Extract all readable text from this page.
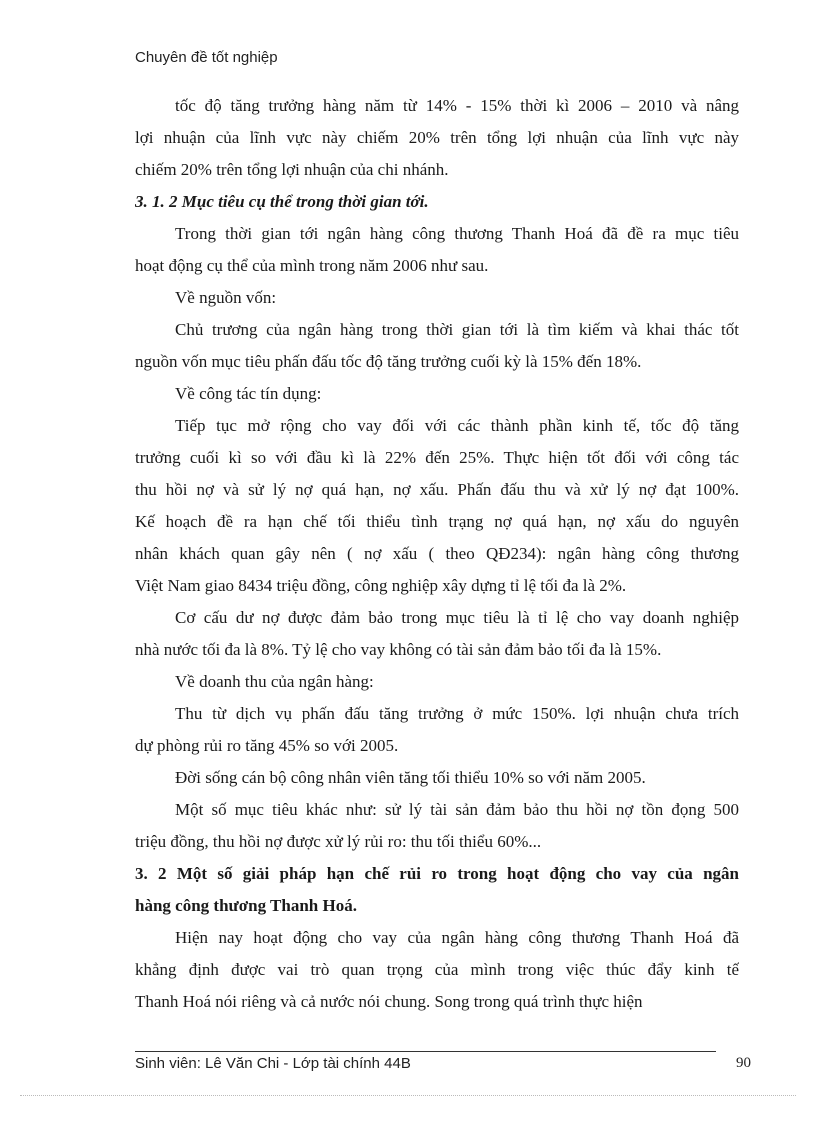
Chuyên đề tốt nghiệp
tốc độ tăng trưởng hàng năm từ 14% - 15% thời kì 2006 – 2010 và nâng
lợi nhuận của lĩnh vực này chiếm 20% trên tổng lợi nhuận của lĩnh vực này
chiếm 20% trên tổng lợi nhuận của chi nhánh.
3. 1. 2 Mục tiêu cụ thể trong thời gian tới.
Trong thời gian tới ngân hàng công thương Thanh Hoá đã đề ra mục tiêu
hoạt động cụ thể của mình trong năm 2006 như sau.
Về nguồn vốn:
Chủ trương của ngân hàng trong thời gian tới là tìm kiếm và khai thác tốt
nguồn vốn mục tiêu phấn đấu tốc độ tăng trưởng cuối kỳ là 15% đến 18%.
Về công tác tín dụng:
Tiếp tục mở rộng cho vay đối với các thành phần kinh tế, tốc độ tăng
trưởng cuối kì so với đầu kì là 22% đến 25%. Thực hiện tốt đối với công tác
thu hồi nợ và sử lý nợ quá hạn, nợ xấu. Phấn đấu thu và xử lý nợ đạt 100%.
Kế hoạch đề ra hạn chế tối thiểu tình trạng nợ quá hạn, nợ xấu do nguyên
nhân khách quan gây nên ( nợ xấu ( theo QĐ234): ngân hàng công thương
Việt Nam giao 8434 triệu đồng, công nghiệp xây dựng tỉ lệ tối đa là 2%.
Cơ cấu dư nợ được đảm bảo trong mục tiêu là tỉ lệ cho vay doanh nghiệp
nhà nước tối đa là 8%. Tỷ lệ cho vay không có tài sản đảm bảo tối đa là 15%.
Về doanh thu của ngân hàng:
Thu từ dịch vụ phấn đấu tăng trưởng ở mức 150%. lợi nhuận chưa trích
dự phòng rủi ro tăng 45% so với 2005.
Đời sống cán bộ công nhân viên tăng tối thiểu 10% so với năm 2005.
Một số mục tiêu khác như: sử lý tài sản đảm bảo thu hồi nợ tồn đọng 500
triệu đồng, thu hồi nợ được xử lý rủi ro: thu tối thiểu 60%...
3. 2 Một số giải pháp hạn chế rủi ro trong hoạt động cho vay của ngân
hàng công thương Thanh Hoá.
Hiện nay hoạt động cho vay của ngân hàng công thương Thanh Hoá đã
khẳng định được vai trò quan trọng của mình trong việc thúc đẩy kinh tế
Thanh Hoá nói riêng và cả nước nói chung. Song trong quá trình thực hiện
Sinh viên: Lê Văn Chi - Lớp tài chính 44B	90
